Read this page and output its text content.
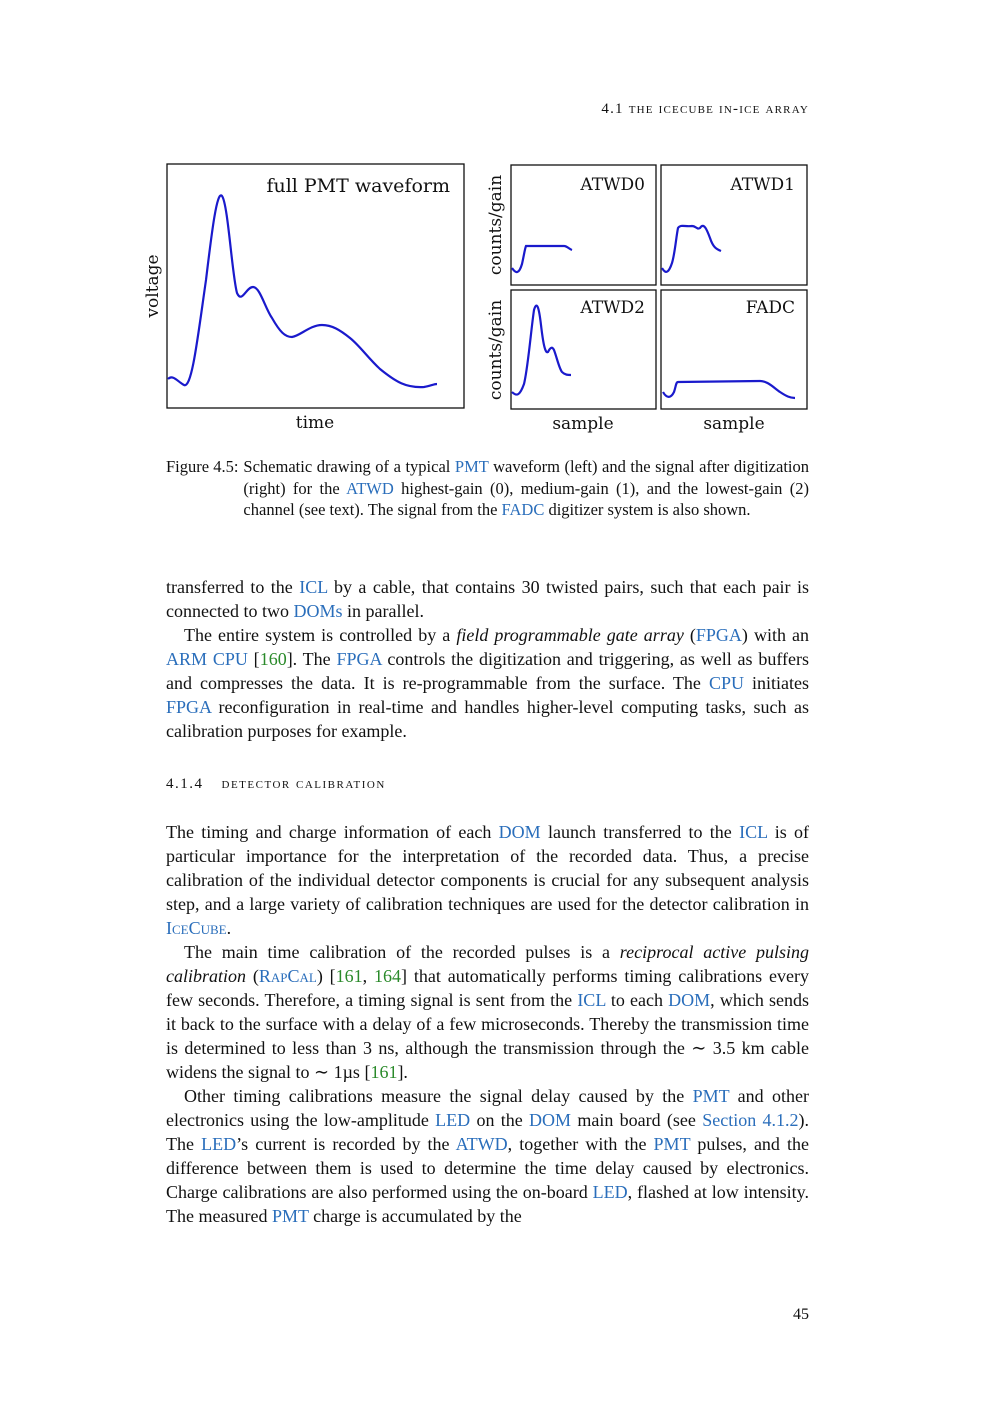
4.1 the icecube in-ice array
full PMT waveform
voltage
time
ATWD0	ATWD1
ATWD2	FADC
counts/gain
counts/gain
sample	sample
Figure 4.5: Schematic drawing of a typical PMT waveform (left) and the signal after digitization (right) for the ATWD highest-gain (0), medium-gain (1), and the lowest-gain (2) channel (see text). The signal from the FADC digitizer system is also shown.

transferred to the ICL by a cable, that contains 30 twisted pairs, such that each pair is connected to two DOMs in parallel.

The entire system is controlled by a field programmable gate array (FPGA) with an ARM CPU [160]. The FPGA controls the digitization and triggering, as well as buffers and compresses the data. It is re-programmable from the surface. The CPU initiates FPGA reconfiguration in real-time and handles higher-level computing tasks, such as calibration purposes for example.

4.1.4 detector calibration

The timing and charge information of each DOM launch transferred to the ICL is of particular importance for the interpretation of the recorded data. Thus, a precise calibration of the individual detector components is crucial for any subsequent analysis step, and a large variety of calibration techniques are used for the detector calibration in IceCube.

The main time calibration of the recorded pulses is a reciprocal active pulsing calibration (RapCal) [161, 164] that automatically performs timing calibrations every few seconds. Therefore, a timing signal is sent from the ICL to each DOM, which sends it back to the surface with a delay of a few microseconds. Thereby the transmission time is determined to less than 3 ns, although the transmission through the ∼ 3.5 km cable widens the signal to ∼ 1µs [161].

Other timing calibrations measure the signal delay caused by the PMT and other electronics using the low-amplitude LED on the DOM main board (see Section 4.1.2). The LED’s current is recorded by the ATWD, together with the PMT pulses, and the difference between them is used to determine the time delay caused by electronics. Charge calibrations are also performed using the on-board LED, flashed at low intensity. The measured PMT charge is accumulated by the

45
